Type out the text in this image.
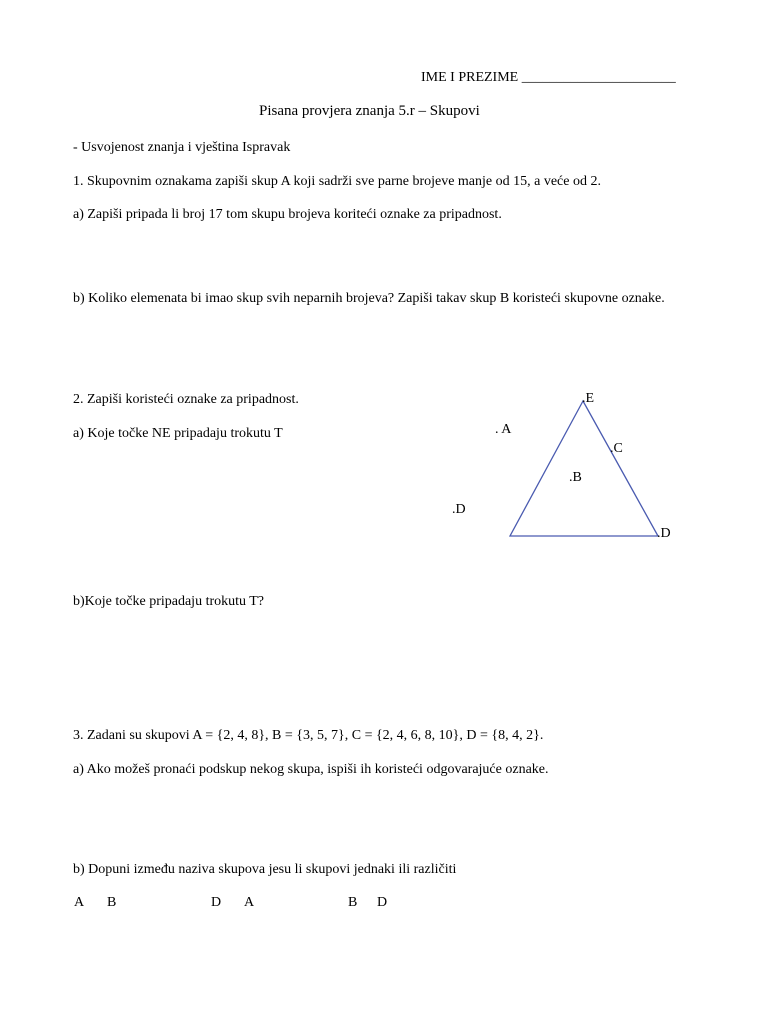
IME I PREZIME ______________________
Pisana provjera znanja 5.r – Skupovi
- Usvojenost znanja i vještina Ispravak
1. Skupovnim oznakama zapiši skup A koji sadrži sve parne brojeve manje od 15, a veće od 2.
a) Zapiši pripada li broj 17 tom skupu brojeva koriteći oznake za pripadnost.
b) Koliko elemenata bi imao skup svih neparnih brojeva? Zapiši takav skup B koristeći skupovne oznake.
2. Zapiši koristeći oznake za pripadnost.
a) Koje točke NE pripadaju trokutu T
.E
. A
.C
.B
.D
.D
b)Koje točke pripadaju trokutu T?
3. Zadani su skupovi A = {2, 4, 8}, B = {3, 5, 7}, C = {2, 4, 6, 8, 10}, D = {8, 4, 2}.
a) Ako možeš pronaći podskup nekog skupa, ispiši ih koristeći odgovarajuće oznake.
b) Dopuni između naziva skupova jesu li skupovi jednaki ili različiti
A B	D A	B D
